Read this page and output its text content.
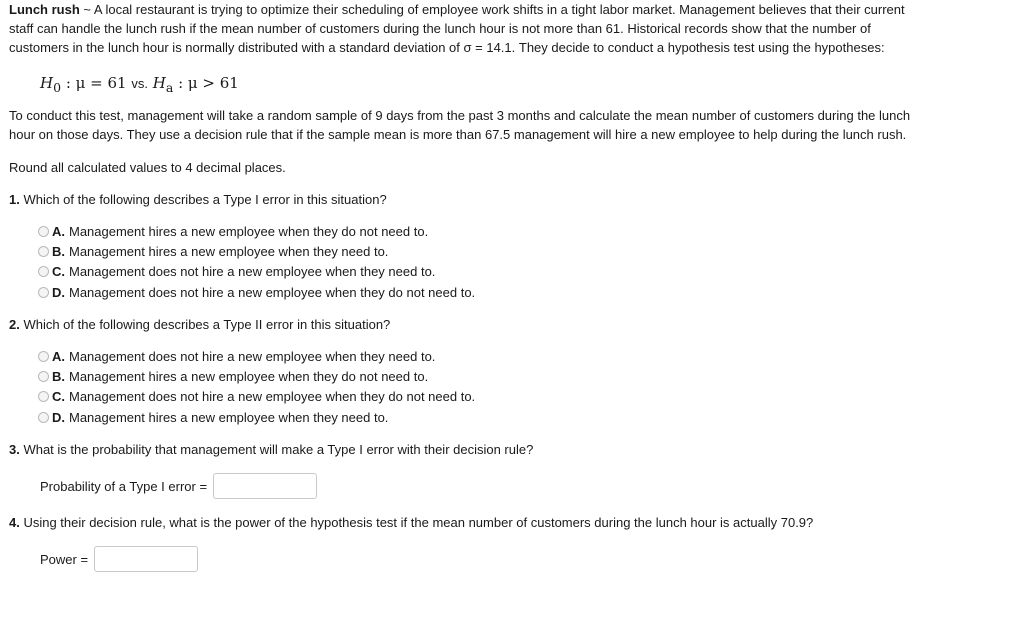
Lunch rush ~ A local restaurant is trying to optimize their scheduling of employee work shifts in a tight labor market. Management believes that their current staff can handle the lunch rush if the mean number of customers during the lunch hour is not more than 61. Historical records show that the number of customers in the lunch hour is normally distributed with a standard deviation of σ = 14.1. They decide to conduct a hypothesis test using the hypotheses:

$H_0$ : μ = 61 vs. $H_a$ : μ > 61

To conduct this test, management will take a random sample of 9 days from the past 3 months and calculate the mean number of customers during the lunch hour on those days. They use a decision rule that if the sample mean is more than 67.5 management will hire a new employee to help during the lunch rush.

Round all calculated values to 4 decimal places.

1. Which of the following describes a Type I error in this situation?

A. Management hires a new employee when they do not need to.
B. Management hires a new employee when they need to.
C. Management does not hire a new employee when they need to.
D. Management does not hire a new employee when they do not need to.

2. Which of the following describes a Type II error in this situation?

A. Management does not hire a new employee when they need to.
B. Management hires a new employee when they do not need to.
C. Management does not hire a new employee when they do not need to.
D. Management hires a new employee when they need to.

3. What is the probability that management will make a Type I error with their decision rule?

Probability of a Type I error =

4. Using their decision rule, what is the power of the hypothesis test if the mean number of customers during the lunch hour is actually 70.9?

Power =
